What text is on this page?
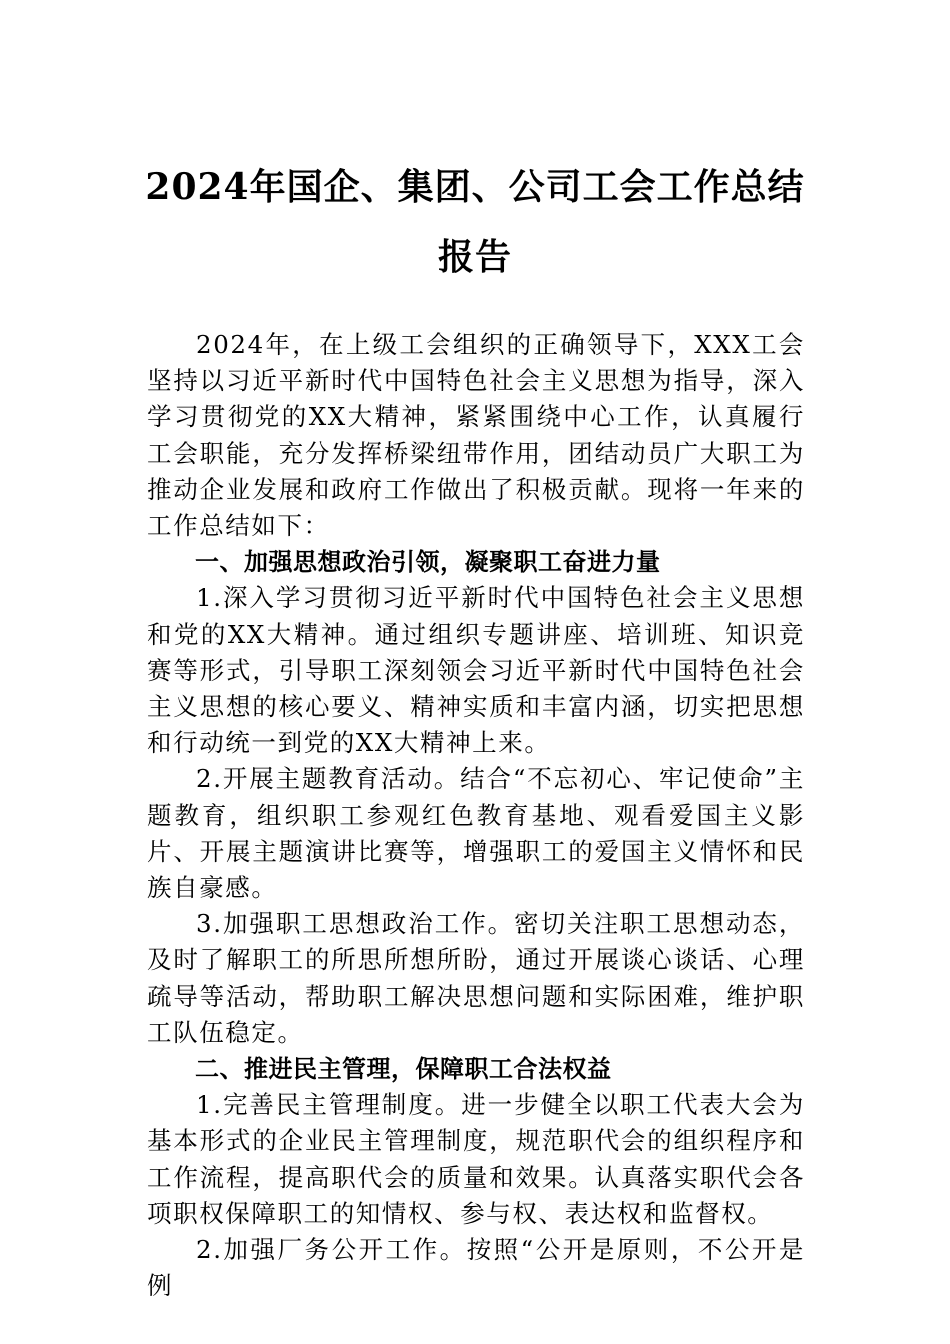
2024年国企、集团、公司工会工作总结报告

2024年，在上级工会组织的正确领导下，XXX工会坚持以习近平新时代中国特色社会主义思想为指导，深入学习贯彻党的XX大精神，紧紧围绕中心工作，认真履行工会职能，充分发挥桥梁纽带作用，团结动员广大职工为推动企业发展和政府工作做出了积极贡献。现将一年来的工作总结如下：

一、加强思想政治引领，凝聚职工奋进力量

1.深入学习贯彻习近平新时代中国特色社会主义思想和党的XX大精神。通过组织专题讲座、培训班、知识竞赛等形式，引导职工深刻领会习近平新时代中国特色社会主义思想的核心要义、精神实质和丰富内涵，切实把思想和行动统一到党的XX大精神上来。

2.开展主题教育活动。结合“不忘初心、牢记使命”主题教育，组织职工参观红色教育基地、观看爱国主义影片、开展主题演讲比赛等，增强职工的爱国主义情怀和民族自豪感。

3.加强职工思想政治工作。密切关注职工思想动态，及时了解职工的所思所想所盼，通过开展谈心谈话、心理疏导等活动，帮助职工解决思想问题和实际困难，维护职工队伍稳定。

二、推进民主管理，保障职工合法权益

1.完善民主管理制度。进一步健全以职工代表大会为基本形式的企业民主管理制度，规范职代会的组织程序和工作流程，提高职代会的质量和效果。认真落实职代会各项职权保障职工的知情权、参与权、表达权和监督权。

2.加强厂务公开工作。按照“公开是原则，不公开是例
